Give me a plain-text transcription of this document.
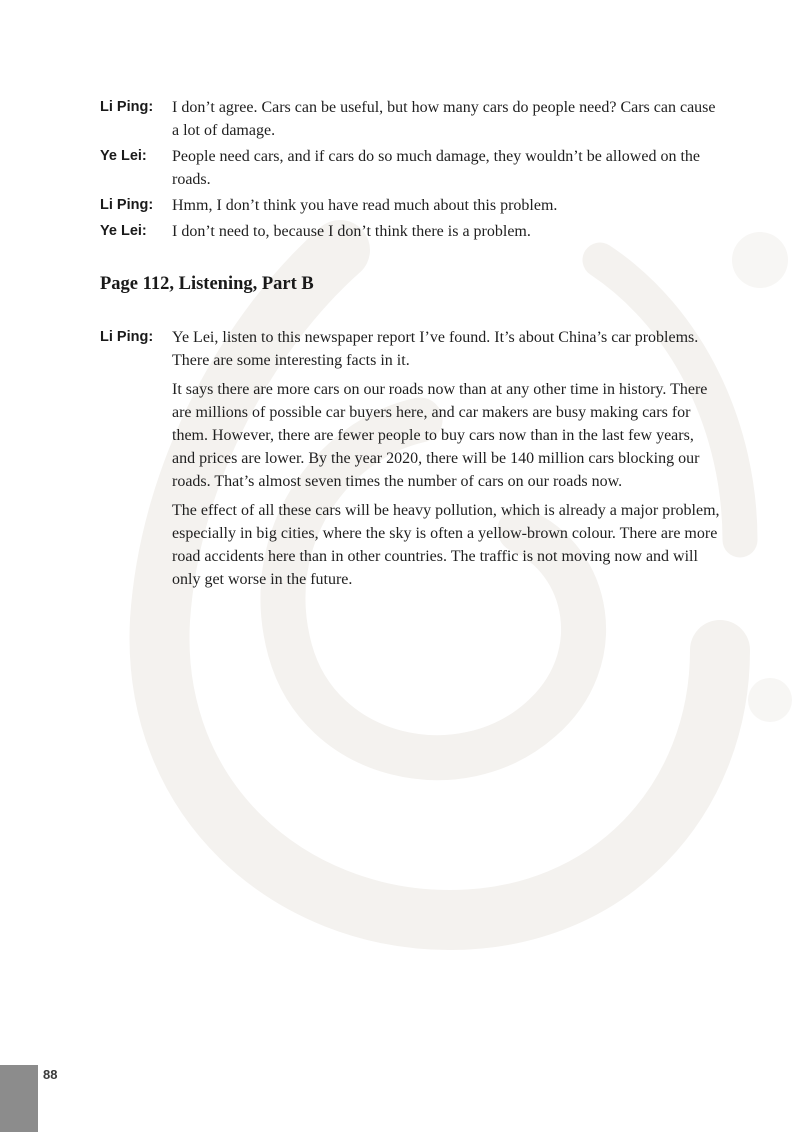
Li Ping:	I don’t agree. Cars can be useful, but how many cars do people need? Cars can cause a lot of damage.

Ye Lei:	People need cars, and if cars do so much damage, they wouldn’t be allowed on the roads.

Li Ping:	Hmm, I don’t think you have read much about this problem.

Ye Lei:	I don’t need to, because I don’t think there is a problem.

Page 112, Listening, Part B
Li Ping:	Ye Lei, listen to this newspaper report I’ve found. It’s about China’s car problems. There are some interesting facts in it.

It says there are more cars on our roads now than at any other time in history. There are millions of possible car buyers here, and car makers are busy making cars for them. However, there are fewer people to buy cars now than in the last few years, and prices are lower. By the year 2020, there will be 140 million cars blocking our roads. That’s almost seven times the number of cars on our roads now.

The effect of all these cars will be heavy pollution, which is already a major problem, especially in big cities, where the sky is often a yellow-brown colour. There are more road accidents here than in other countries. The traffic is not moving now and will only get worse in the future.

88
